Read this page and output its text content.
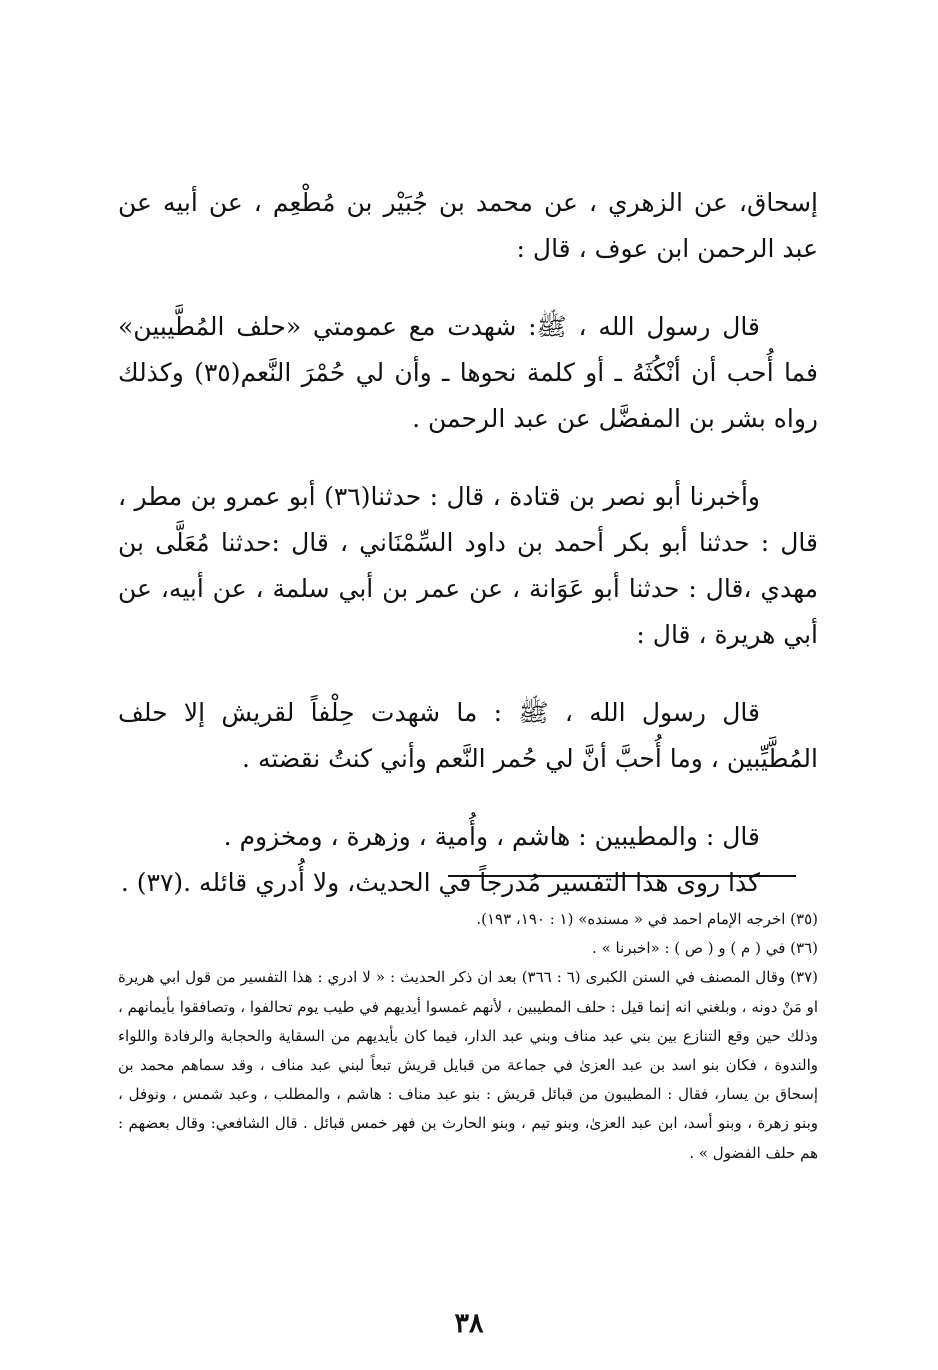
إسحاق، عن الزهري ، عن محمد بن جُبَيْر بن مُطْعِم ، عن أبيه عن عبد الرحمن ابن عوف ، قال :

قال رسول الله ، ﷺ: شهدت مع عمومتي «حلف المُطَّيبين» فما أُحب أن أنْكُثَهُ ـ أو كلمة نحوها ـ وأن لي حُمْرَ النَّعم(٣٥) وكذلك رواه بشر بن المفضَّل عن عبد الرحمن .

وأخبرنا أبو نصر بن قتادة ، قال : حدثنا(٣٦) أبو عمرو بن مطر ، قال : حدثنا أبو بكر أحمد بن داود السِّمْنَاني ، قال :حدثنا مُعَلَّى بن مهدي ،قال : حدثنا أبو عَوَانة ، عن عمر بن أبي سلمة ، عن أبيه، عن أبي هريرة ، قال :

قال رسول الله ، ﷺ : ما شهدت حِلْفاً لقريش إلا حلف المُطَّيِّبين ، وما أُحبَّ أنَّ لي حُمر النَّعم وأني كنتُ نقضته .

قال : والمطيبين : هاشم ، وأُمية ، وزهرة ، ومخزوم .

كذا روى هذا التفسير مُدرجاً في الحديث، ولا أُدري قائله .(٣٧) .

(٣٥) اخرجه الإمام احمد في « مسنده» (١ : ١٩٠، ١٩٣).

(٣٦) في ( م ) و ( ص ) : «اخبرنا » .

(٣٧) وقال المصنف في السنن الكبرى (٦ : ٣٦٦) بعد ان ذكر الحديث : « لا ادري : هذا التفسير من قول ابي هريرة او مَنْ دونه ، وبلغني انه إنما قيل : حلف المطيبين ، لأنهم غمسوا أيديهم في طيب يوم تحالفوا ، وتصافقوا بأيمانهم ، وذلك حين وقع التنازع بين بني عبد مناف وبني عبد الدار، فيما كان بأيديهم من السقاية والحجابة والرفادة واللواء والندوة ، فكان بنو اسد بن عبد العزىٰ في جماعة من قبايل قريش تبعاً لبني عبد مناف ، وقد سماهم محمد بن إسحاق بن يسار، فقال : المطيبون من قبائل قريش : بنو عبد مناف : هاشم ، والمطلب ، وعبد شمس ، ونوفل ، وبنو زهرة ، وبنو أسد، ابن عبد العزىٰ، وبنو تيم ، وبنو الحارث بن فهر خمس قبائل . قال الشافعي: وقال بعضهم : هم حلف الفضول » .

٣٨
